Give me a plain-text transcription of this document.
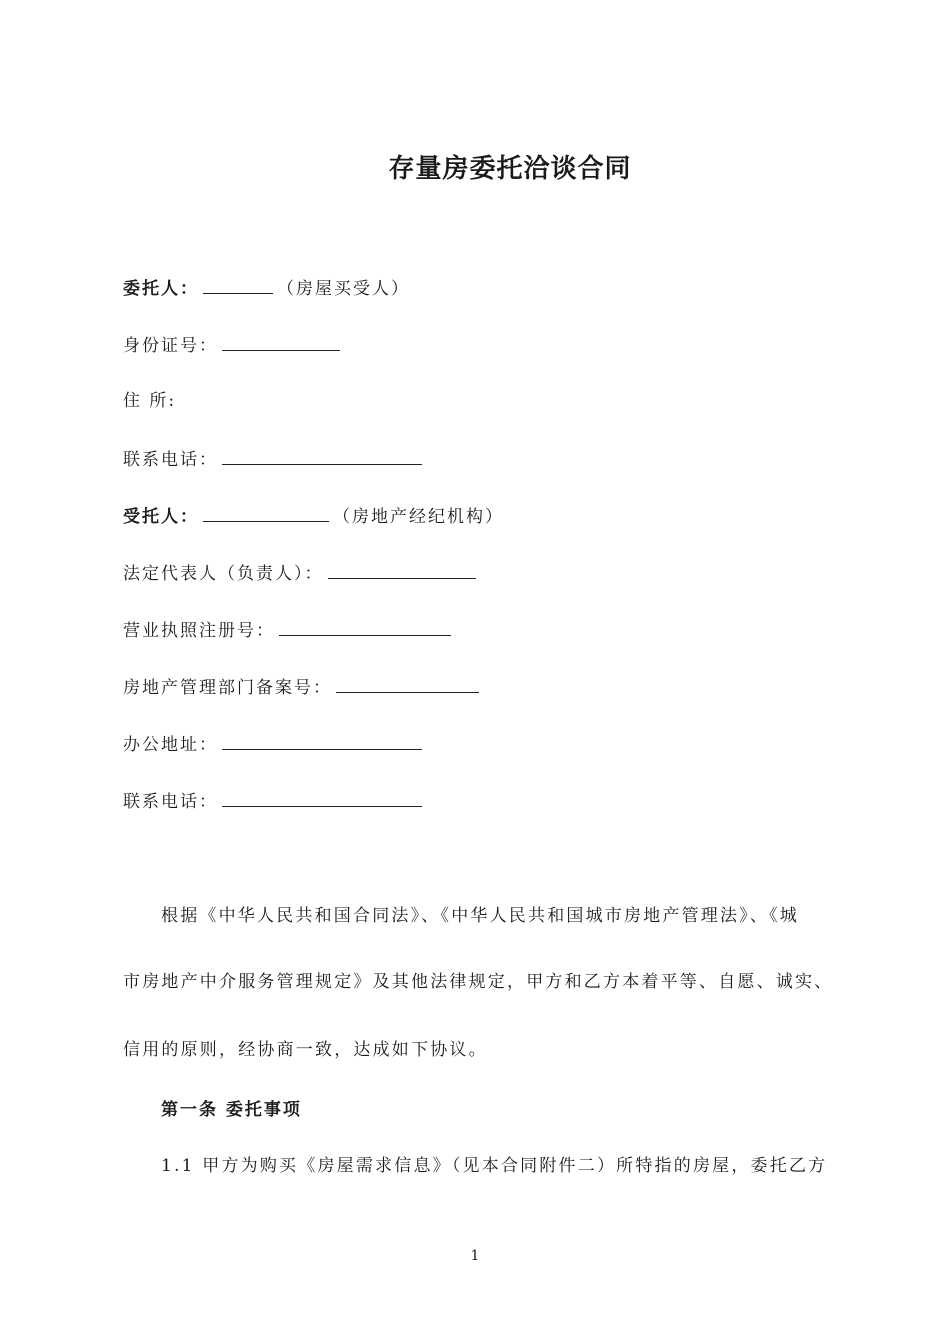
存量房委托洽谈合同
委托人：	（房屋买受人）
身份证号：
住 所:
联系电话：
受托人：	（房地产经纪机构）
法定代表人（负责人）：
营业执照注册号：
房地产管理部门备案号：
办公地址：
联系电话：
根据《中华人民共和国合同法》、《中华人民共和国城市房地产管理法》、《城
市房地产中介服务管理规定》及其他法律规定，甲方和乙方本着平等、自愿、诚实、
信用的原则，经协商一致，达成如下协议。
第一条 委托事项
1.1 甲方为购买《房屋需求信息》（见本合同附件二）所特指的房屋，委托乙方
1
